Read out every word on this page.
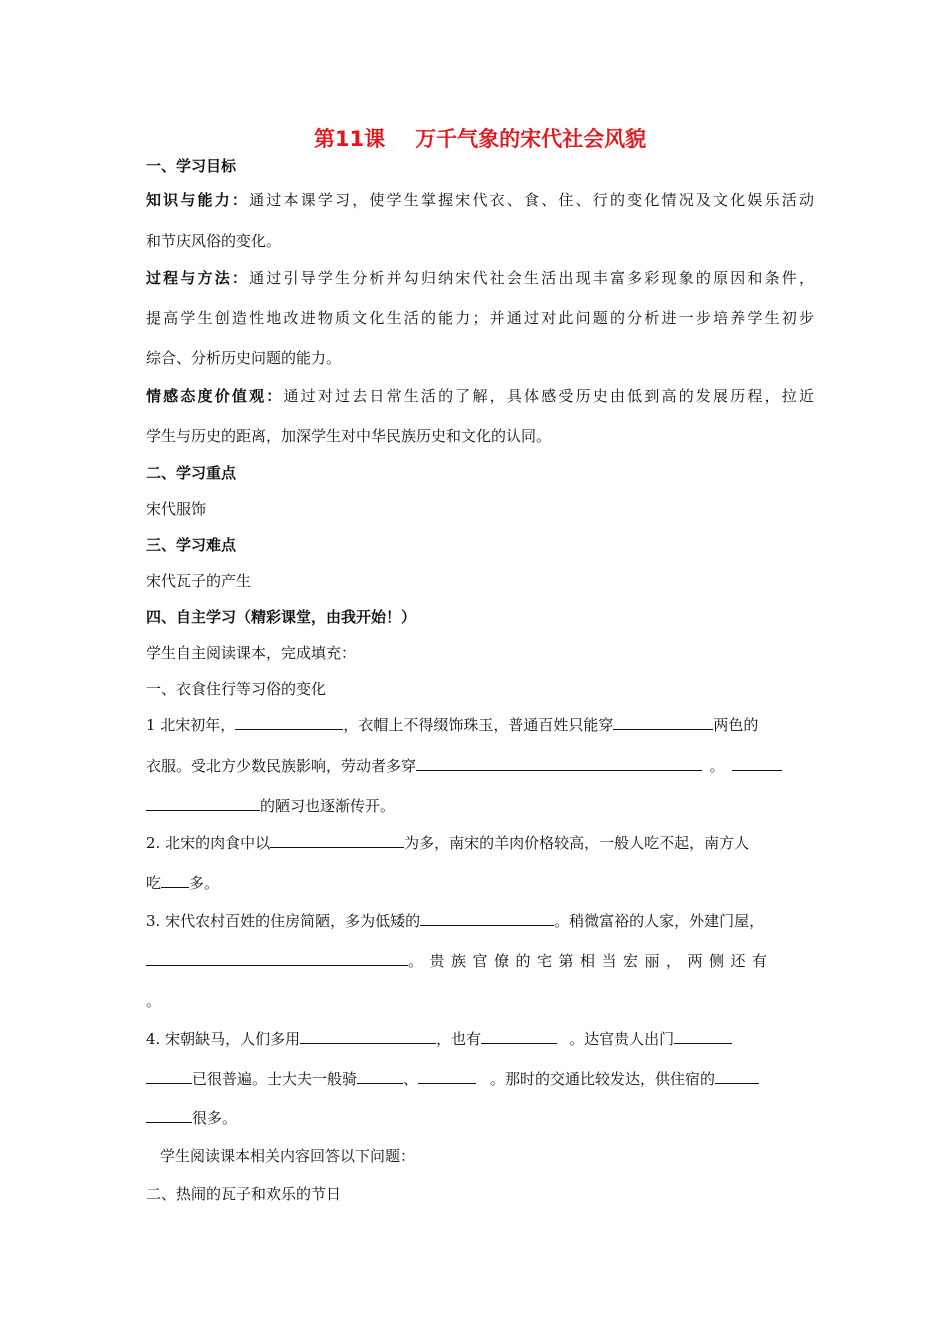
第11课 万千气象的宋代社会风貌
一、学习目标
知识与能力：通过本课学习，使学生掌握宋代衣、食、住、行的变化情况及文化娱乐活动
和节庆风俗的变化。
过程与方法：通过引导学生分析并勾归纳宋代社会生活出现丰富多彩现象的原因和条件，
提高学生创造性地改进物质文化生活的能力；并通过对此问题的分析进一步培养学生初步
综合、分析历史问题的能力。
情感态度价值观：通过对过去日常生活的了解，具体感受历史由低到高的发展历程，拉近
学生与历史的距离，加深学生对中华民族历史和文化的认同。
二、学习重点
宋代服饰
三、学习难点
宋代瓦子的产生
四、自主学习（精彩课堂，由我开始！）
学生自主阅读课本，完成填充：
一、衣食住行等习俗的变化
1 北宋初年，	，衣帽上不得缀饰珠玉，普通百姓只能穿	两色的
衣服。受北方少数民族影响，劳动者多穿	。
的陋习也逐渐传开。
2. 北宋的肉食中以	为多，南宋的羊肉价格较高，一般人吃不起，南方人
吃 多。
3. 宋代农村百姓的住房简陋，多为低矮的	。稍微富裕的人家，外建门屋，
。贵族官僚的宅第相当宏丽，两侧还有
。
4. 宋朝缺马，人们多用	，也有	。达官贵人出门
已很普遍。士大夫一般骑	、	。那时的交通比较发达，供住宿的
很多。
学生阅读课本相关内容回答以下问题：
二、热闹的瓦子和欢乐的节日
